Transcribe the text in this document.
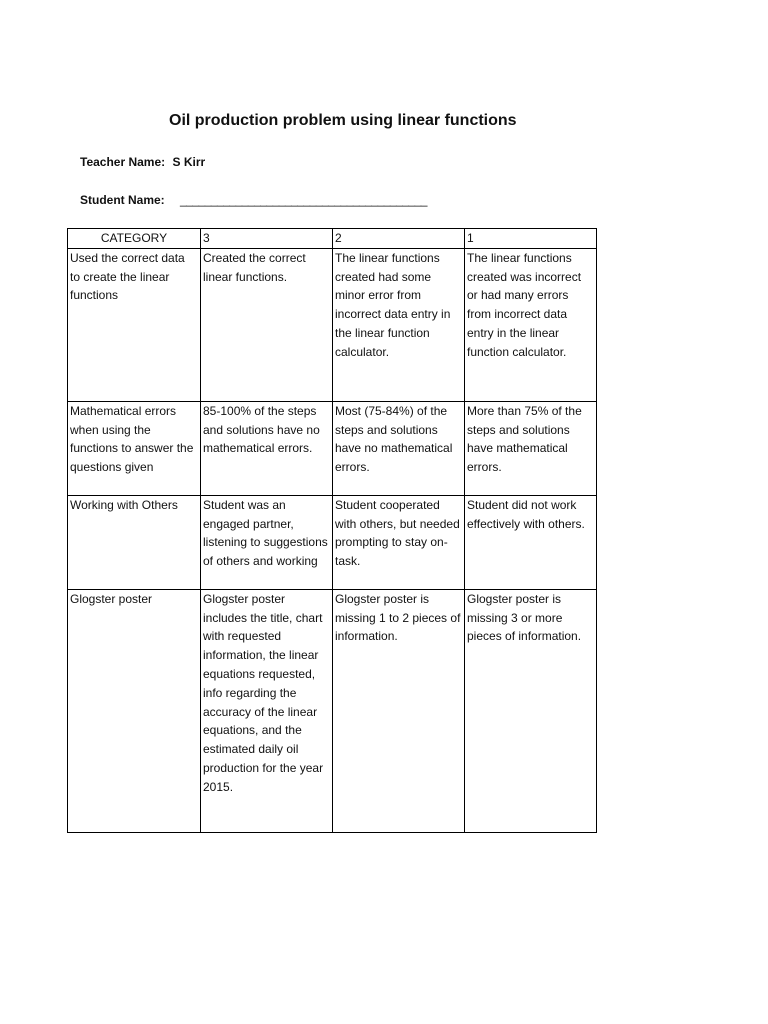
Oil production problem using linear functions
Teacher Name: S Kirr
Student Name: ________________________________________
CATEGORY	3	2	1
Used the correct data to create the linear functions	Created the correct linear functions.	The linear functions created had some minor error from incorrect data entry in the linear function calculator.	The linear functions created was incorrect or had many errors from incorrect data entry in the linear function calculator.
Mathematical errors when using the functions to answer the questions given	85-100% of the steps and solutions have no mathematical errors.	Most (75-84%) of the steps and solutions have no mathematical errors.	More than 75% of the steps and solutions have mathematical errors.
Working with Others	Student was an engaged partner, listening to suggestions of others and working	Student cooperated with others, but needed prompting to stay on-task.	Student did not work effectively with others.
Glogster poster	Glogster poster includes the title, chart with requested information, the linear equations requested, info regarding the accuracy of the linear equations, and the estimated daily oil production for the year 2015.	Glogster poster is missing 1 to 2 pieces of information.	Glogster poster is missing 3 or more pieces of information.
